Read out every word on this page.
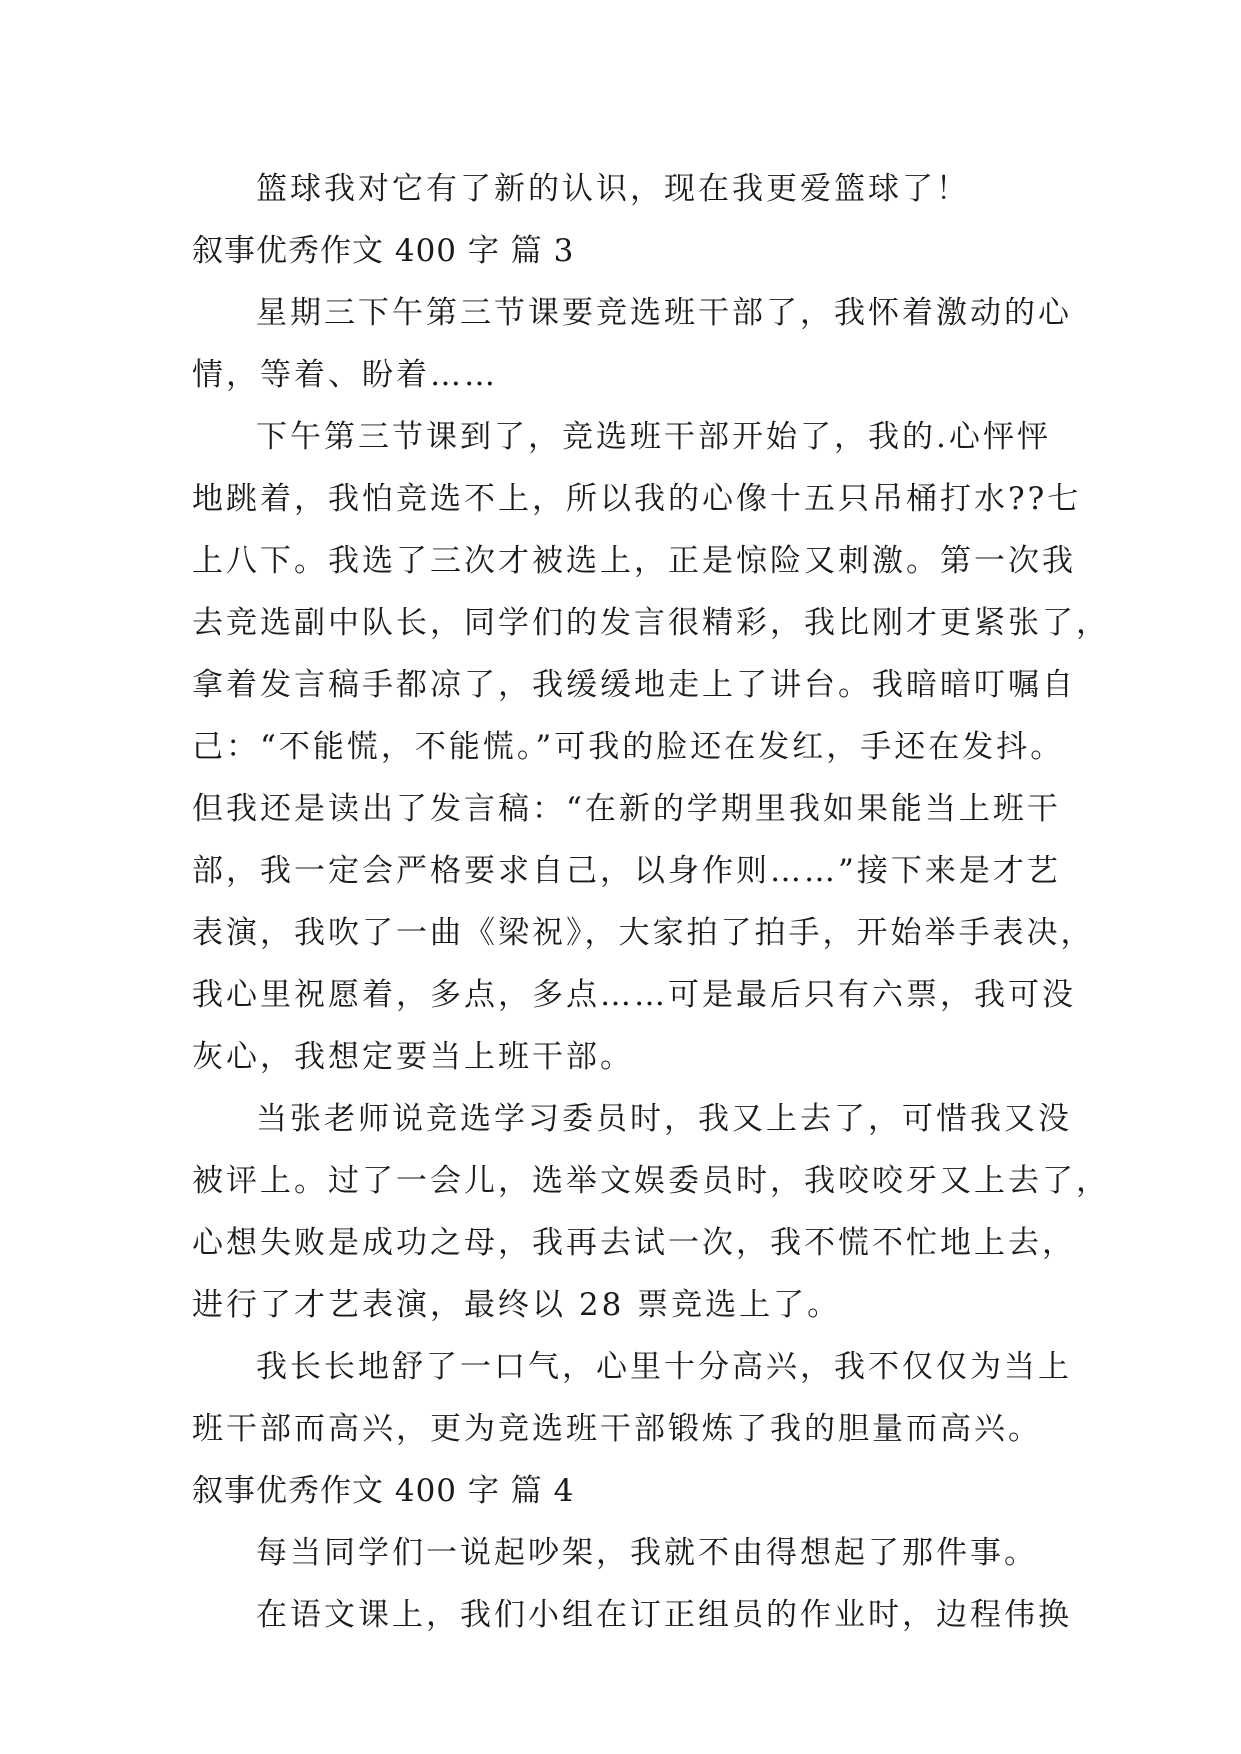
篮球我对它有了新的认识，现在我更爱篮球了！
叙事优秀作文 400 字 篇 3
星期三下午第三节课要竞选班干部了，我怀着激动的心
情，等着、盼着……
下午第三节课到了，竞选班干部开始了，我的.心怦怦
地跳着，我怕竞选不上，所以我的心像十五只吊桶打水??七
上八下。我选了三次才被选上，正是惊险又刺激。第一次我
去竞选副中队长，同学们的发言很精彩，我比刚才更紧张了，
拿着发言稿手都凉了，我缓缓地走上了讲台。我暗暗叮嘱自
己：“不能慌，不能慌。”可我的脸还在发红，手还在发抖。
但我还是读出了发言稿：“在新的学期里我如果能当上班干
部，我一定会严格要求自己，以身作则……”接下来是才艺
表演，我吹了一曲《梁祝》，大家拍了拍手，开始举手表决，
我心里祝愿着，多点，多点……可是最后只有六票，我可没
灰心，我想定要当上班干部。
当张老师说竞选学习委员时，我又上去了，可惜我又没
被评上。过了一会儿，选举文娱委员时，我咬咬牙又上去了，
心想失败是成功之母，我再去试一次，我不慌不忙地上去，
进行了才艺表演，最终以 28 票竞选上了。
我长长地舒了一口气，心里十分高兴，我不仅仅为当上
班干部而高兴，更为竞选班干部锻炼了我的胆量而高兴。
叙事优秀作文 400 字 篇 4
每当同学们一说起吵架，我就不由得想起了那件事。
在语文课上，我们小组在订正组员的作业时，边程伟换
